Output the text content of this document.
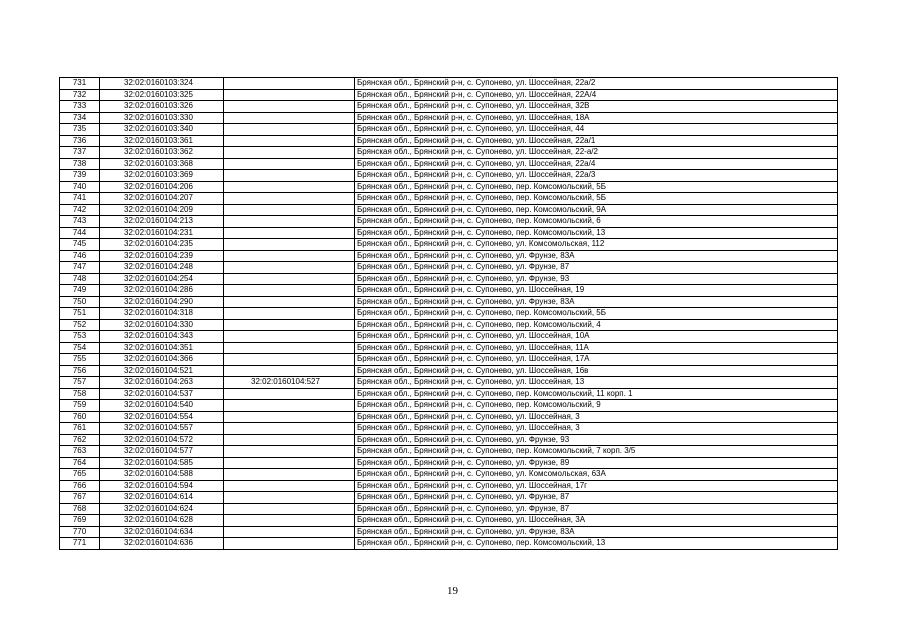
731	32:02:0160103:324		Брянская обл., Брянский р-н, с. Супонево, ул. Шоссейная, 22а/2
732	32:02:0160103:325		Брянская обл., Брянский р-н, с. Супонево, ул. Шоссейная, 22А/4
733	32:02:0160103:326		Брянская обл., Брянский р-н, с. Супонево, ул. Шоссейная, 32В
734	32:02:0160103:330		Брянская обл., Брянский р-н, с. Супонево, ул. Шоссейная, 18А
735	32:02:0160103:340		Брянская обл., Брянский р-н, с. Супонево, ул. Шоссейная, 44
736	32:02:0160103:361		Брянская обл., Брянский р-н, с. Супонево, ул. Шоссейная, 22а/1
737	32:02:0160103:362		Брянская обл., Брянский р-н, с. Супонево, ул. Шоссейная, 22-а/2
738	32:02:0160103:368		Брянская обл., Брянский р-н, с. Супонево, ул. Шоссейная, 22а/4
739	32:02:0160103:369		Брянская обл., Брянский р-н, с. Супонево, ул. Шоссейная, 22а/3
740	32:02:0160104:206		Брянская обл., Брянский р-н, с. Супонево, пер. Комсомольский, 5Б
741	32:02:0160104:207		Брянская обл., Брянский р-н, с. Супонево, пер. Комсомольский, 5Б
742	32:02:0160104:209		Брянская обл., Брянский р-н, с. Супонево, пер. Комсомольский, 9А
743	32:02:0160104:213		Брянская обл., Брянский р-н, с. Супонево, пер. Комсомольский, 6
744	32:02:0160104:231		Брянская обл., Брянский р-н, с. Супонево, пер. Комсомольский, 13
745	32:02:0160104:235		Брянская обл., Брянский р-н, с. Супонево, ул. Комсомольская, 112
746	32:02:0160104:239		Брянская обл., Брянский р-н, с. Супонево, ул. Фрунзе, 83А
747	32:02:0160104:248		Брянская обл., Брянский р-н, с. Супонево, ул. Фрунзе, 87
748	32:02:0160104:254		Брянская обл., Брянский р-н, с. Супонево, ул. Фрунзе, 93
749	32:02:0160104:286		Брянская обл., Брянский р-н, с. Супонево, ул. Шоссейная, 19
750	32:02:0160104:290		Брянская обл., Брянский р-н, с. Супонево, ул. Фрунзе, 83А
751	32:02:0160104:318		Брянская обл., Брянский р-н, с. Супонево, пер. Комсомольский, 5Б
752	32:02:0160104:330		Брянская обл., Брянский р-н, с. Супонево, пер. Комсомольский, 4
753	32:02:0160104:343		Брянская обл., Брянский р-н, с. Супонево, ул. Шоссейная, 10А
754	32:02:0160104:351		Брянская обл., Брянский р-н, с. Супонево, ул. Шоссейная, 11А
755	32:02:0160104:366		Брянская обл., Брянский р-н, с. Супонево, ул. Шоссейная, 17А
756	32:02:0160104:521		Брянская обл., Брянский р-н, с. Супонево, ул. Шоссейная, 16в
757	32:02:0160104:263	32:02:0160104:527	Брянская обл., Брянский р-н, с. Супонево, ул. Шоссейная, 13
758	32:02:0160104:537		Брянская обл., Брянский р-н, с. Супонево, пер. Комсомольский, 11 корп. 1
759	32:02:0160104:540		Брянская обл., Брянский р-н, с. Супонево, пер. Комсомольский, 9
760	32:02:0160104:554		Брянская обл., Брянский р-н, с. Супонево, ул. Шоссейная, 3
761	32:02:0160104:557		Брянская обл., Брянский р-н, с. Супонево, ул. Шоссейная, 3
762	32:02:0160104:572		Брянская обл., Брянский р-н, с. Супонево, ул. Фрунзе, 93
763	32:02:0160104:577		Брянская обл., Брянский р-н, с. Супонево, пер. Комсомольский, 7 корп. 3/5
764	32:02:0160104:585		Брянская обл., Брянский р-н, с. Супонево, ул. Фрунзе, 89
765	32:02:0160104:588		Брянская обл., Брянский р-н, с. Супонево, ул. Комсомольская, 63А
766	32:02:0160104:594		Брянская обл., Брянский р-н, с. Супонево, ул. Шоссейная, 17г
767	32:02:0160104:614		Брянская обл., Брянский р-н, с. Супонево, ул. Фрунзе, 87
768	32:02:0160104:624		Брянская обл., Брянский р-н, с. Супонево, ул. Фрунзе, 87
769	32:02:0160104:628		Брянская обл., Брянский р-н, с. Супонево, ул. Шоссейная, 3А
770	32:02:0160104:634		Брянская обл., Брянский р-н, с. Супонево, ул. Фрунзе, 83А
771	32:02:0160104:636		Брянская обл., Брянский р-н, с. Супонево, пер. Комсомольский, 13
19
